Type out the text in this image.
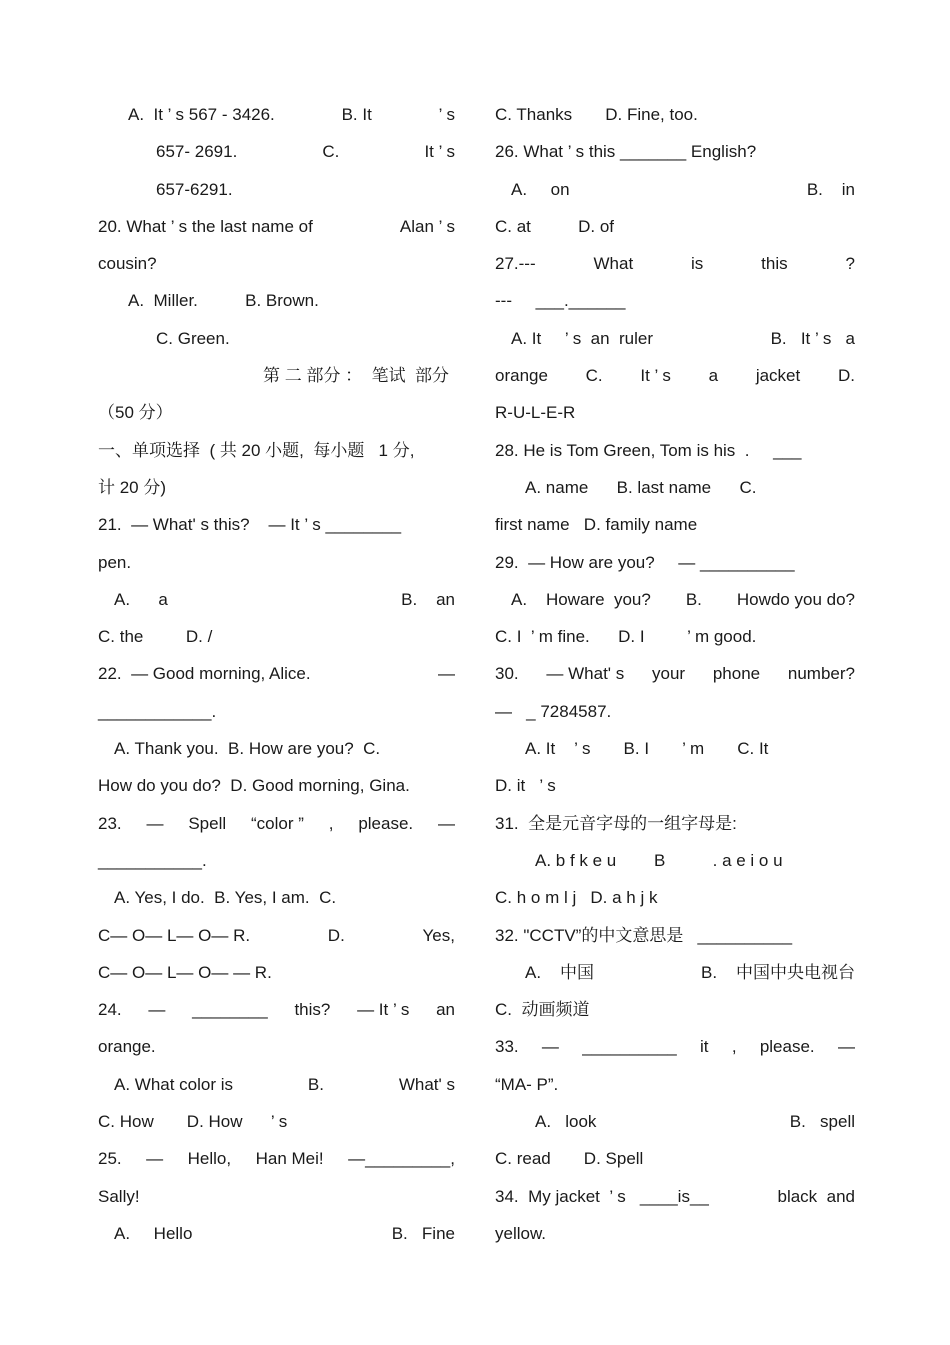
A.  It ’ s 567 - 3426.	B. It	’ s
657- 2691.	C.	It ’ s
657-6291.
20. What ’ s the last name of	Alan ’ s
cousin?
A.  Miller.          B. Brown.
C. Green.
第 二 部分 ：  笔试  部分
（50 分）
一、单项选择  ( 共 20 小题,  每小题   1 分,
计 20 分)
21.  — What' s this?    — It ’ s ________
pen.
A.      a	B.    an
C. the         D. /
22.  — Good morning, Alice.	—
____________.
A. Thank you.  B. How are you?  C.
How do you do?  D. Good morning, Gina.
23. — Spell “color ” , please. —
___________.
A. Yes, I do.  B. Yes, I am.  C.
C— O— L— O— R.	D.	Yes,
C— O— L— O— — R.
24. — ________ this? — It ’ s an
orange.
A. What color is	B.	What' s
C. How       D. How      ’ s
25. — Hello, Han Mei! —_________,
Sally!
A.     Hello	B.   Fine
C. Thanks       D. Fine, too.
26. What ’ s this _______ English?
A.     on	B.    in
C. at          D. of
27.---	What	is	this	?
---     ___.______
A. It     ’ s  an  ruler	B.   It ’ s   a
orange C. It ’ s a jacket D.
R-U-L-E-R
28. He is Tom Green, Tom is his  .     ___
A. name      B. last name      C.
first name   D. family name
29.  — How are you?     — __________
A.    Howare  you? B. Howdo you do?
C. I  ’ m fine.      D. I         ’ m good.
30. — What' s your phone number?
—   _ 7284587.
A. It    ’ s       B. I       ’ m       C. It
D. it   ’ s
31.  全是元音字母的一组字母是:
A. b f k e u        B          . a e i o u
C. h o m l j   D. a h j k
32. "CCTV”的中文意思是   __________
A.    中国	B.    中国中央电视台
C.  动画频道
33. — __________ it , please. —
“MA- P”.
A.   look	B.   spell
C. read       D. Spell
34.  My jacket  ’ s   ____is__	black  and
yellow.
